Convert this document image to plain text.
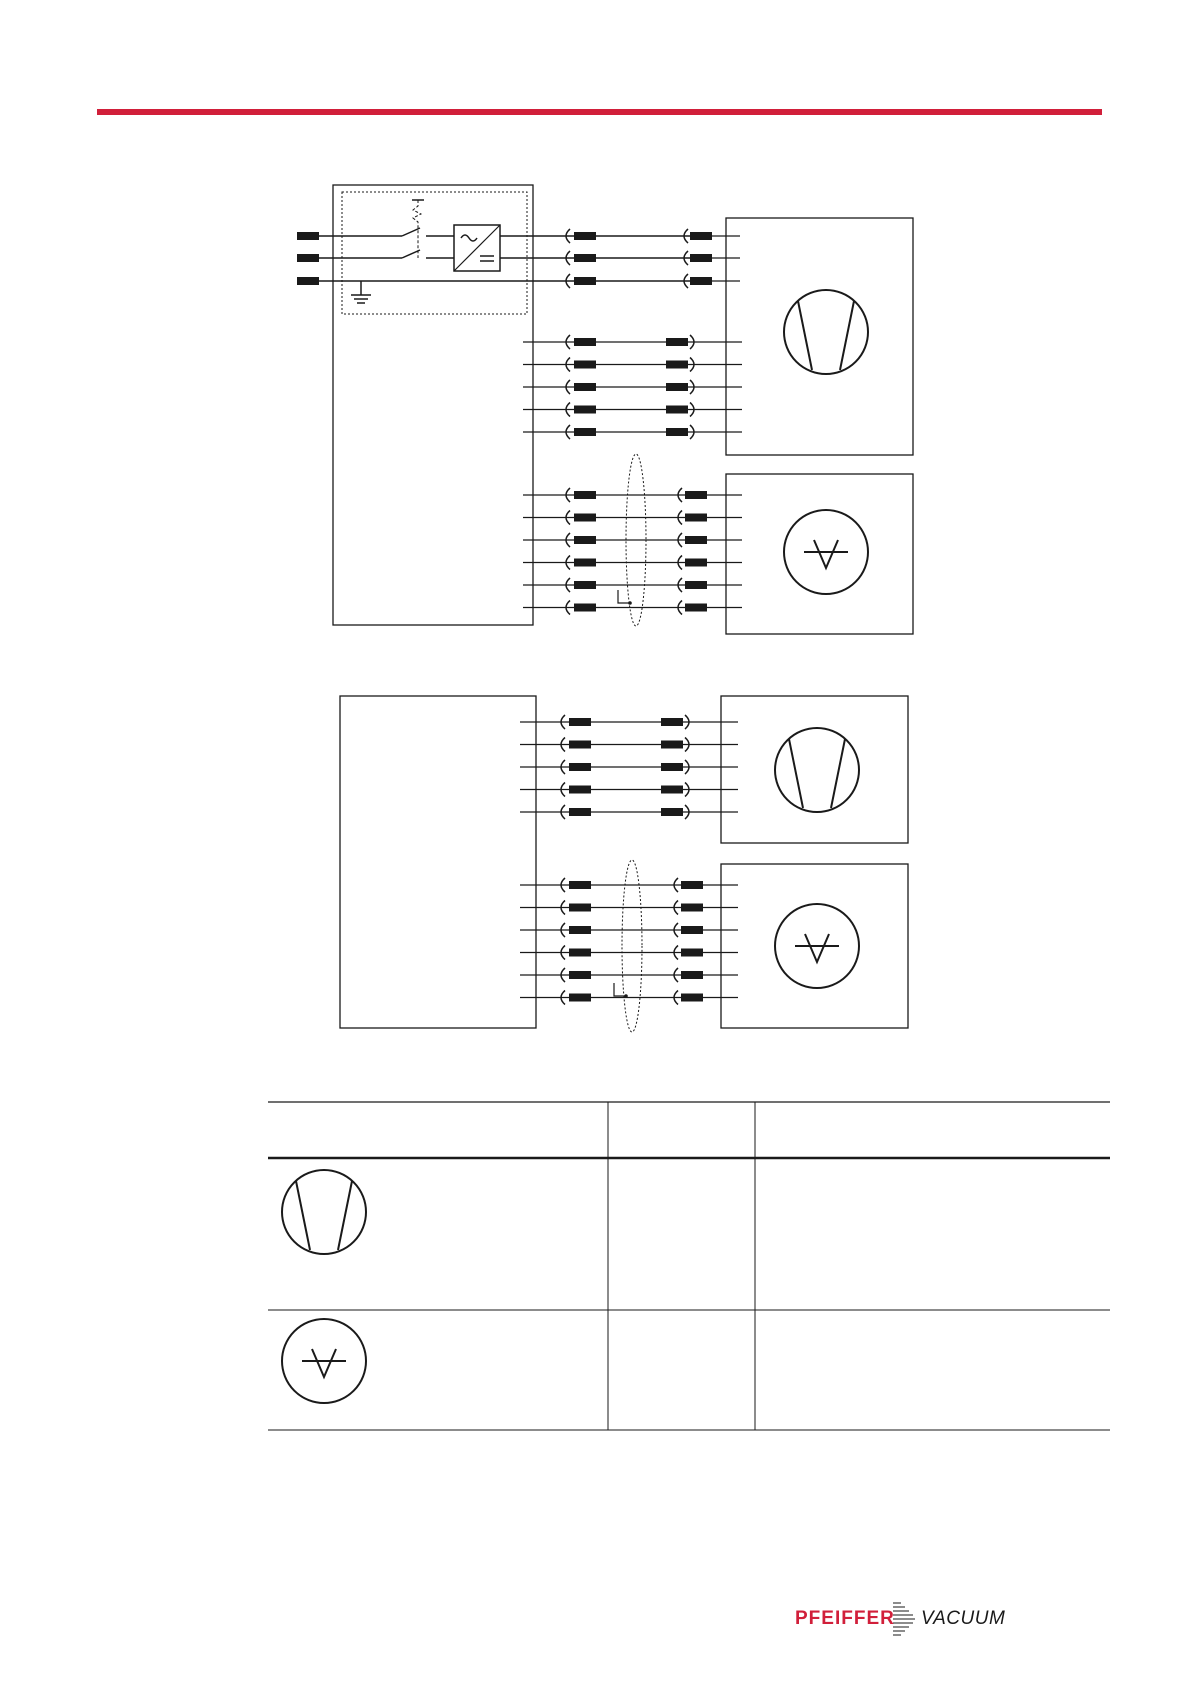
PFEIFFER VACUUM
